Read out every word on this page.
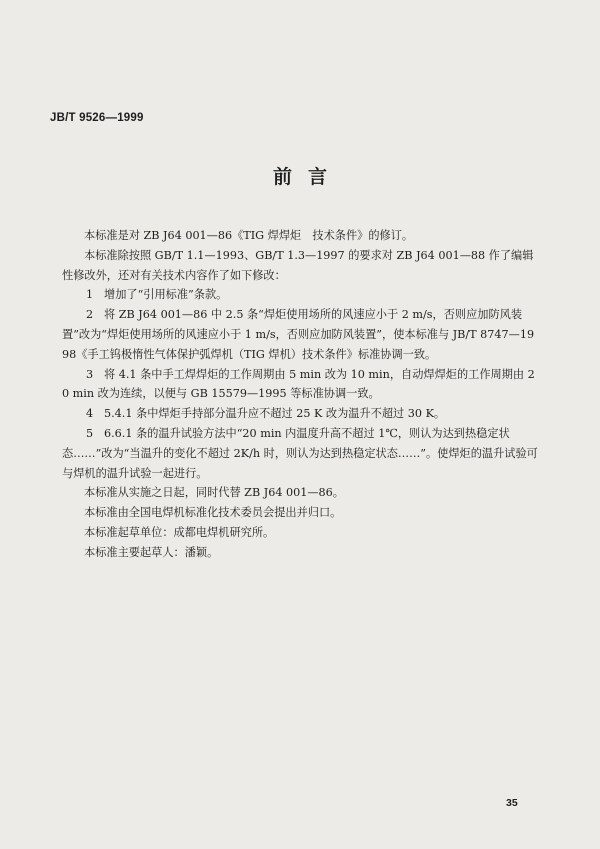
JB/T 9526—1999
前言

本标准是对 ZB J64 001—86《TIG 焊焊炬　技术条件》的修订。

本标准除按照 GB/T 1.1—1993、GB/T 1.3—1997 的要求对 ZB J64 001—88 作了编辑性修改外，还对有关技术内容作了如下修改：

1 增加了“引用标准”条款。

2 将 ZB J64 001—86 中 2.5 条“焊炬使用场所的风速应小于 2 m/s，否则应加防风装置”改为“焊炬使用场所的风速应小于 1 m/s，否则应加防风装置”，使本标准与 JB/T 8747—1998《手工钨极惰性气体保护弧焊机（TIG 焊机）技术条件》标准协调一致。

3 将 4.1 条中手工焊焊炬的工作周期由 5 min 改为 10 min，自动焊焊炬的工作周期由 20 min 改为连续，以便与 GB 15579—1995 等标准协调一致。

4 5.4.1 条中焊炬手持部分温升应不超过 25 K 改为温升不超过 30 K。

5 6.6.1 条的温升试验方法中“20 min 内温度升高不超过 1℃，则认为达到热稳定状态……”改为“当温升的变化不超过 2K/h 时，则认为达到热稳定状态……”。使焊炬的温升试验可与焊机的温升试验一起进行。

本标准从实施之日起，同时代替 ZB J64 001—86。

本标准由全国电焊机标准化技术委员会提出并归口。

本标准起草单位：成都电焊机研究所。

本标准主要起草人：潘颖。

35
